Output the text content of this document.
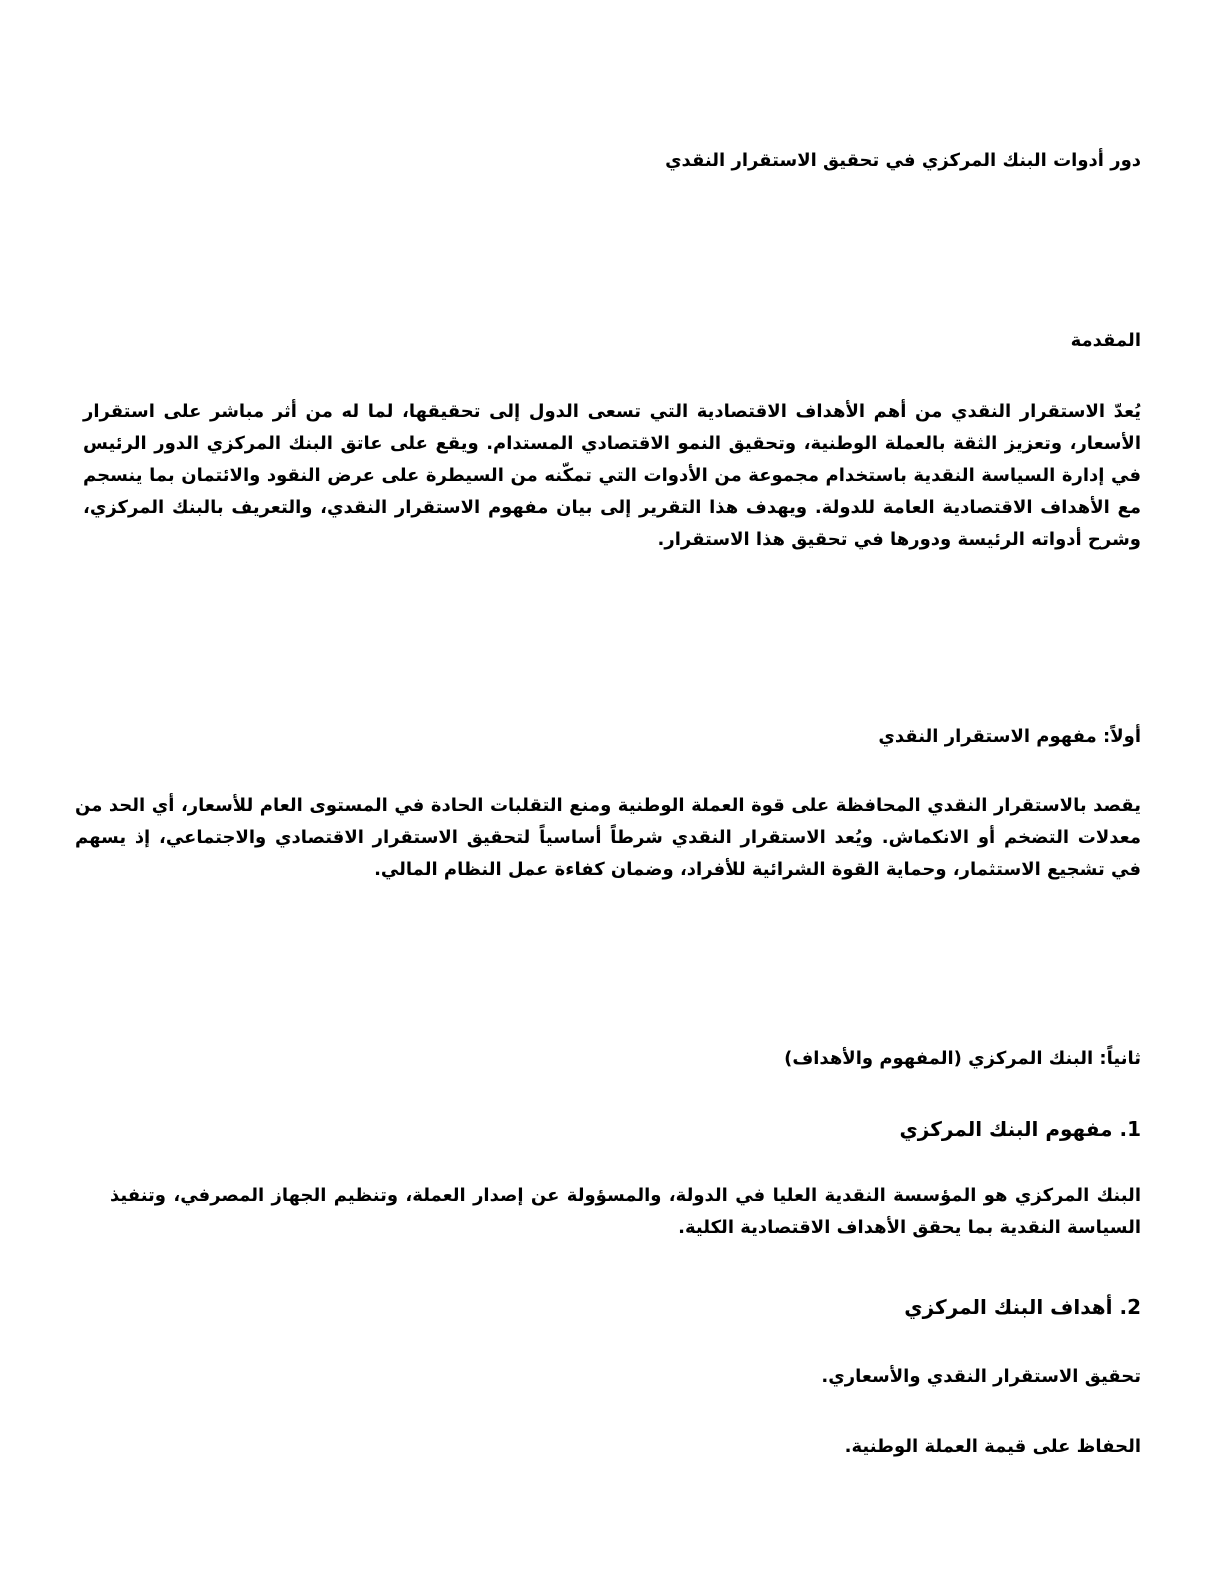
دور أدوات البنك المركزي في تحقيق الاستقرار النقدي

المقدمة

يُعدّ الاستقرار النقدي من أهم الأهداف الاقتصادية التي تسعى الدول إلى تحقيقها، لما له من أثر مباشر على استقرار الأسعار، وتعزيز الثقة بالعملة الوطنية، وتحقيق النمو الاقتصادي المستدام. ويقع على عاتق البنك المركزي الدور الرئيس في إدارة السياسة النقدية باستخدام مجموعة من الأدوات التي تمكّنه من السيطرة على عرض النقود والائتمان بما ينسجم مع الأهداف الاقتصادية العامة للدولة. ويهدف هذا التقرير إلى بيان مفهوم الاستقرار النقدي، والتعريف بالبنك المركزي، وشرح أدواته الرئيسة ودورها في تحقيق هذا الاستقرار.

أولاً: مفهوم الاستقرار النقدي

يقصد بالاستقرار النقدي المحافظة على قوة العملة الوطنية ومنع التقلبات الحادة في المستوى العام للأسعار، أي الحد من معدلات التضخم أو الانكماش. ويُعد الاستقرار النقدي شرطاً أساسياً لتحقيق الاستقرار الاقتصادي والاجتماعي، إذ يسهم في تشجيع الاستثمار، وحماية القوة الشرائية للأفراد، وضمان كفاءة عمل النظام المالي.

ثانياً: البنك المركزي (المفهوم والأهداف)

1. مفهوم البنك المركزي

البنك المركزي هو المؤسسة النقدية العليا في الدولة، والمسؤولة عن إصدار العملة، وتنظيم الجهاز المصرفي، وتنفيذ السياسة النقدية بما يحقق الأهداف الاقتصادية الكلية.

2. أهداف البنك المركزي

تحقيق الاستقرار النقدي والأسعاري.

الحفاظ على قيمة العملة الوطنية.
